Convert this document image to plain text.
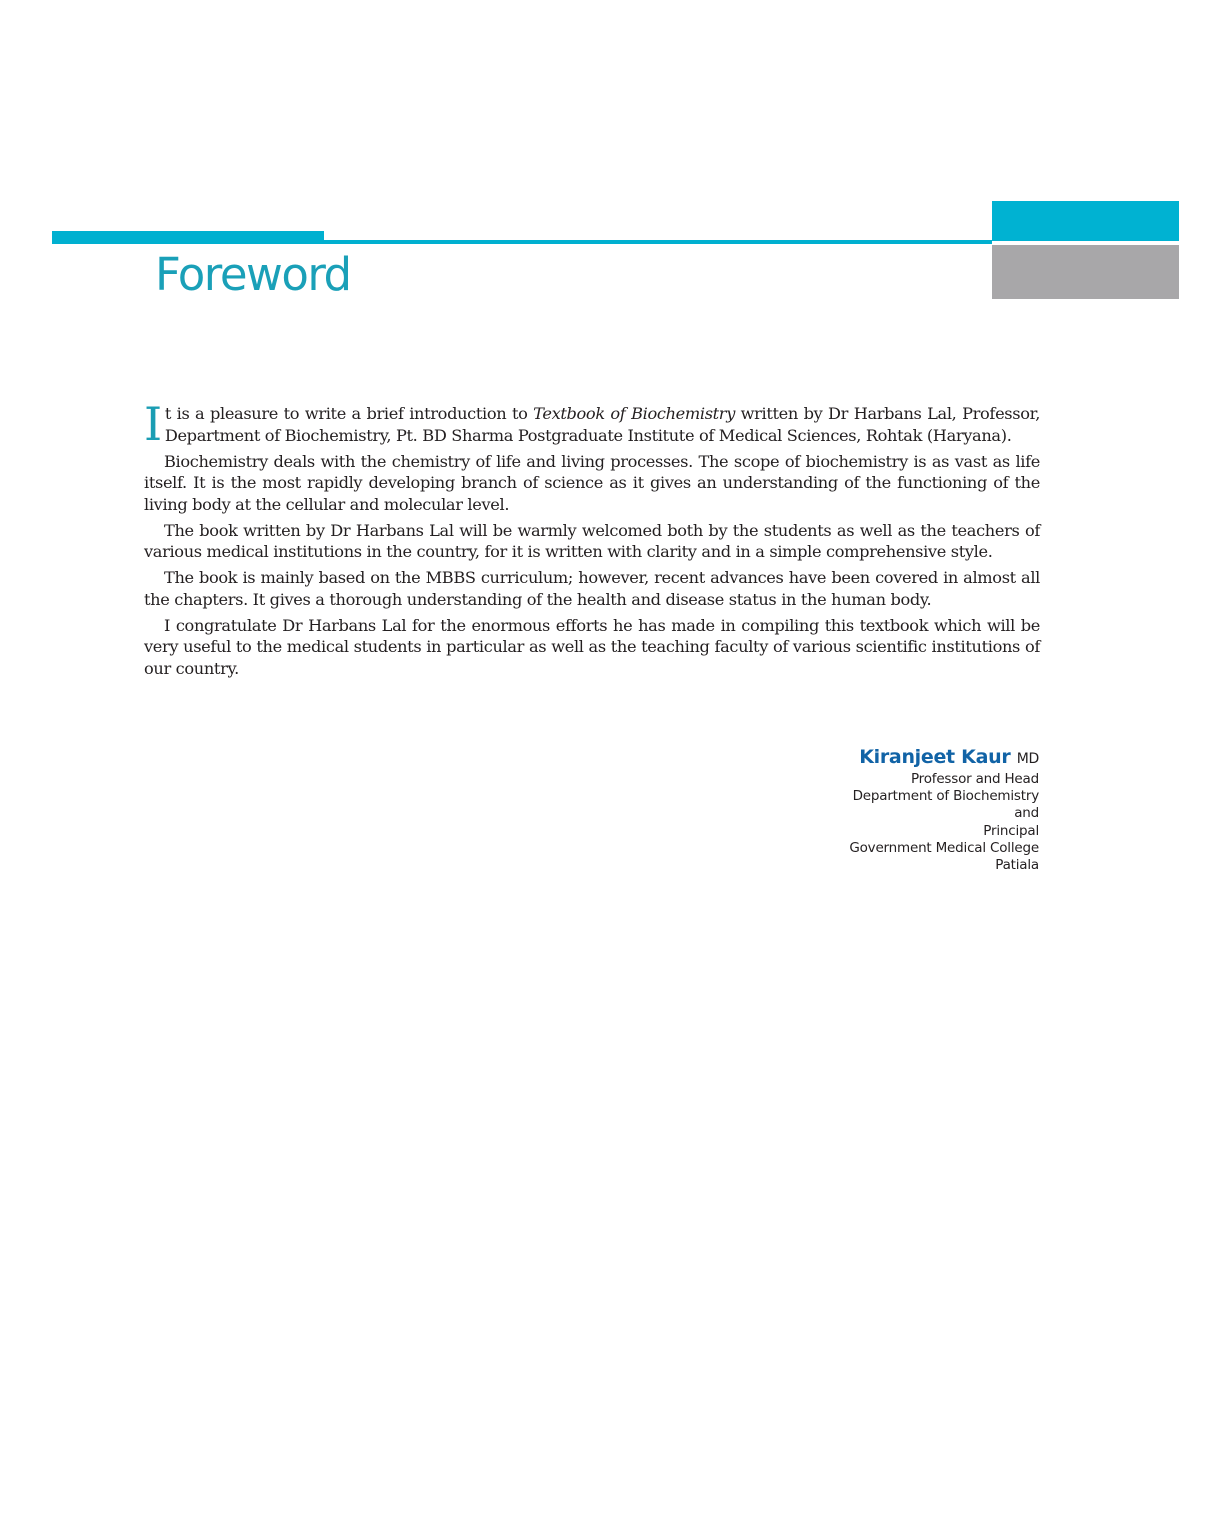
Foreword

It is a pleasure to write a brief introduction to Textbook of Biochemistry written by Dr Harbans Lal, Professor, Department of Biochemistry, Pt. BD Sharma Postgraduate Institute of Medical Sciences, Rohtak (Haryana).

Biochemistry deals with the chemistry of life and living processes. The scope of biochemistry is as vast as life itself. It is the most rapidly developing branch of science as it gives an understanding of the functioning of the living body at the cellular and molecular level.

The book written by Dr Harbans Lal will be warmly welcomed both by the students as well as the teachers of various medical institutions in the country, for it is written with clarity and in a simple comprehensive style.

The book is mainly based on the MBBS curriculum; however, recent advances have been covered in almost all the chapters. It gives a thorough understanding of the health and disease status in the human body.

I congratulate Dr Harbans Lal for the enormous efforts he has made in compiling this textbook which will be very useful to the medical students in particular as well as the teaching faculty of various scientific institutions of our country.

Kiranjeet Kaur MD
Professor and Head
Department of Biochemistry
and
Principal
Government Medical College
Patiala
